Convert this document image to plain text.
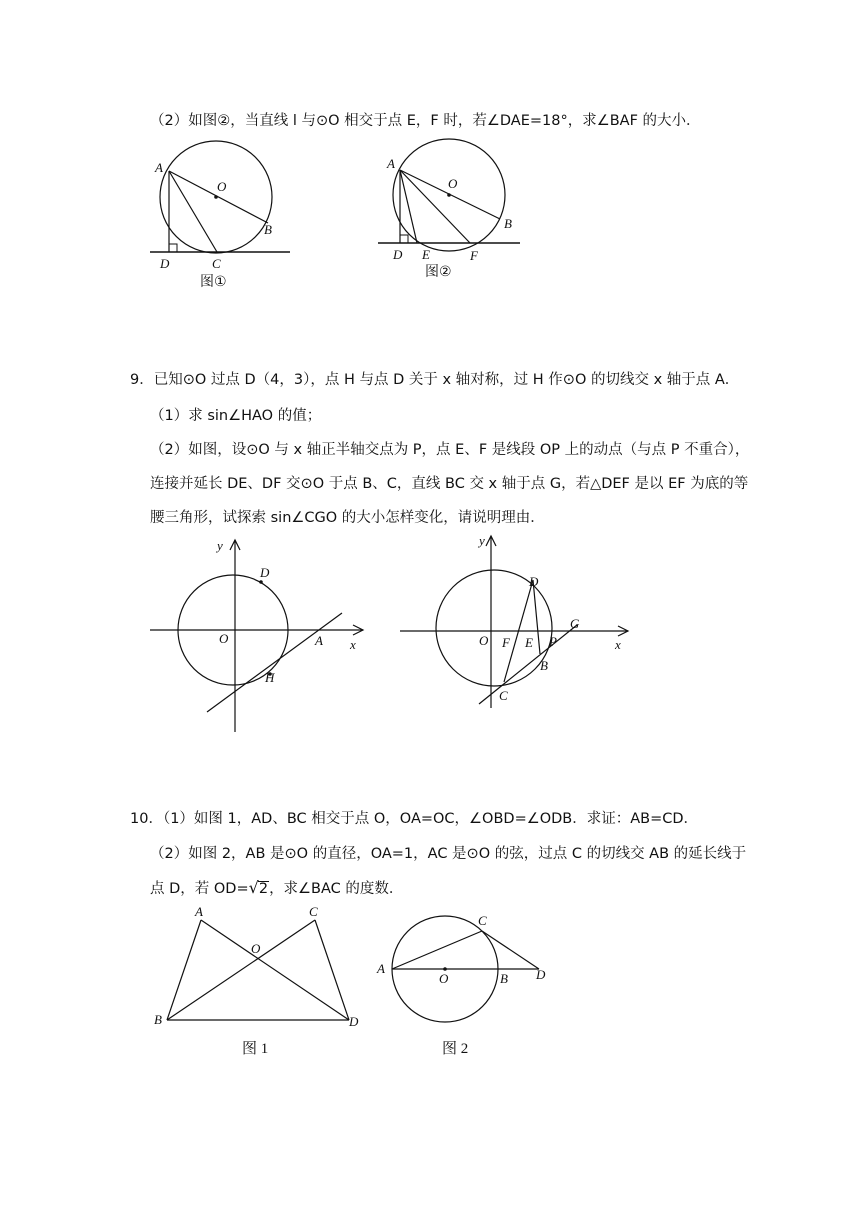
（2）如图②，当直线 l 与⊙O 相交于点 E，F 时，若∠DAE=18°，求∠BAF 的大小．
A
O
B
C
D
图①
A
O
B
D E	F
图②
9．已知⊙O 过点 D（4，3），点 H 与点 D 关于 x 轴对称，过 H 作⊙O 的切线交 x 轴于点 A．
（1）求 sin∠HAO 的值；
（2）如图，设⊙O 与 x 轴正半轴交点为 P，点 E、F 是线段 OP 上的动点（与点 P 不重合），
连接并延长 DE、DF 交⊙O 于点 B、C，直线 BC 交 x 轴于点 G，若△DEF 是以 EF 为底的等
腰三角形，试探索 sin∠CGO 的大小怎样变化，请说明理由．
y
x
D
O	A
H
y
x
D
O F E P
G
B
C
10．（1）如图 1，AD、BC 相交于点 O，OA=OC，∠OBD=∠ODB．求证：AB=CD．
（2）如图 2，AB 是⊙O 的直径，OA=1，AC 是⊙O 的弦，过点 C 的切线交 AB 的延长线于
点 D，若 OD=√2，求∠BAC 的度数．
A	C
O
B	D
图 1
C
A
O	B D
图 2
